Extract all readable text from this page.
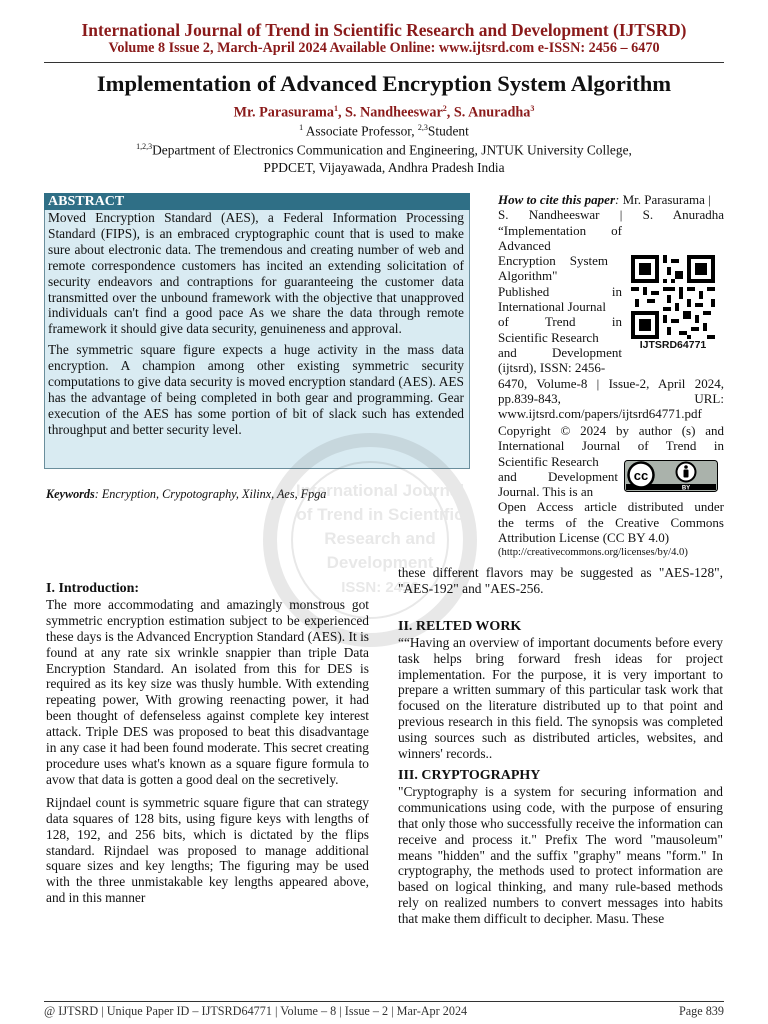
International Journal of Trend in Scientific Research and Development (IJTSRD)
Volume 8 Issue 2, March-April 2024 Available Online: www.ijtsrd.com e-ISSN: 2456 – 6470
Implementation of Advanced Encryption System Algorithm
Mr. Parasurama$^1$, S. Nandheeswar$^2$, S. Anuradha$^3$
$^1$ Associate Professor, $^{2,3}$Student
$^{1,2,3}$Department of Electronics Communication and Engineering, JNTUK University College,
PPDCET, Vijayawada, Andhra Pradesh India
ABSTRACT

Moved Encryption Standard (AES), a Federal Information Processing Standard (FIPS), is an embraced cryptographic count that is used to make sure about electronic data. The tremendous and creating number of web and remote correspondence customers has incited an extending solicitation of security endeavors and contraptions for guaranteeing the customer data transmitted over the unbound framework with the objective that unapproved individuals can't find a good pace As we share the data through remote framework it should give data security, genuineness and approval.

The symmetric square figure expects a huge activity in the mass data encryption. A champion among other existing symmetric security computations to give data security is moved encryption standard (AES). AES has the advantage of being completed in both gear and programming. Gear execution of the AES has some portion of bit of slack such has extended throughput and better security level.

Keywords: Encryption, Crypotography, Xilinx, Aes, Fpga
International Journal
of Trend in Scientific
Research and
Development
ISSN: 2456

How to cite this paper: Mr. Parasurama |

S. Nandheeswar | S. Anuradha

“Implementation of Advanced

Encryption System

Algorithm"

Published in

International Journal

of Trend in

Scientific Research

and Development

(ijtsrd), ISSN: 2456-

6470, Volume-8 | Issue-2, April 2024,

pp.839-843, URL:

www.ijtsrd.com/papers/ijtsrd64771.pdf

IJTSRD64771

Copyright © 2024 by author (s) and

International Journal of Trend in

Scientific Research

and Development

Journal. This is an

Open Access article distributed under

the terms of the Creative Commons

Attribution License (CC BY 4.0)

(http://creativecommons.org/licenses/by/4.0)

cc
BY
I. Introduction:

The more accommodating and amazingly monstrous got symmetric encryption estimation subject to be experienced these days is the Advanced Encryption Standard (AES). It is found at any rate six wrinkle snappier than triple Data Encryption Standard. An isolated from this for DES is required as its key size was thusly humble. With extending repeating power, With growing reenacting power, it had been thought of defenseless against complete key interest attack. Triple DES was proposed to beat this disadvantage in any case it had been found moderate. This secret creating procedure uses what's known as a square figure formula to avow that data is gotten a good deal on the secretively.

Rijndael count is symmetric square figure that can strategy data squares of 128 bits, using figure keys with lengths of 128, 192, and 256 bits, which is dictated by the flips standard. Rijndael was proposed to manage additional square sizes and key lengths; The figuring may be used with the three unmistakable key lengths appeared above, and in this manner

these different flavors may be suggested as "AES-128", "AES-192" and "AES-256.

II. RELTED WORK

““Having an overview of important documents before every task helps bring forward fresh ideas for project implementation. For the purpose, it is very important to prepare a written summary of this particular task work that focused on the literature distributed up to that point and previous research in this field. The synopsis was completed using sources such as distributed articles, websites, and winners' records..

III. CRYPTOGRAPHY

"Cryptography is a system for securing information and communications using code, with the purpose of ensuring that only those who successfully receive the information can receive and process it." Prefix The word "mausoleum" means "hidden" and the suffix "graphy" means "form." In cryptography, the methods used to protect information are based on logical thinking, and many rule-based methods rely on realized numbers to convert messages into habits that make them difficult to decipher. Masu. These

@ IJTSRD | Unique Paper ID – IJTSRD64771 | Volume – 8 | Issue – 2 | Mar-Apr 2024	Page 839
